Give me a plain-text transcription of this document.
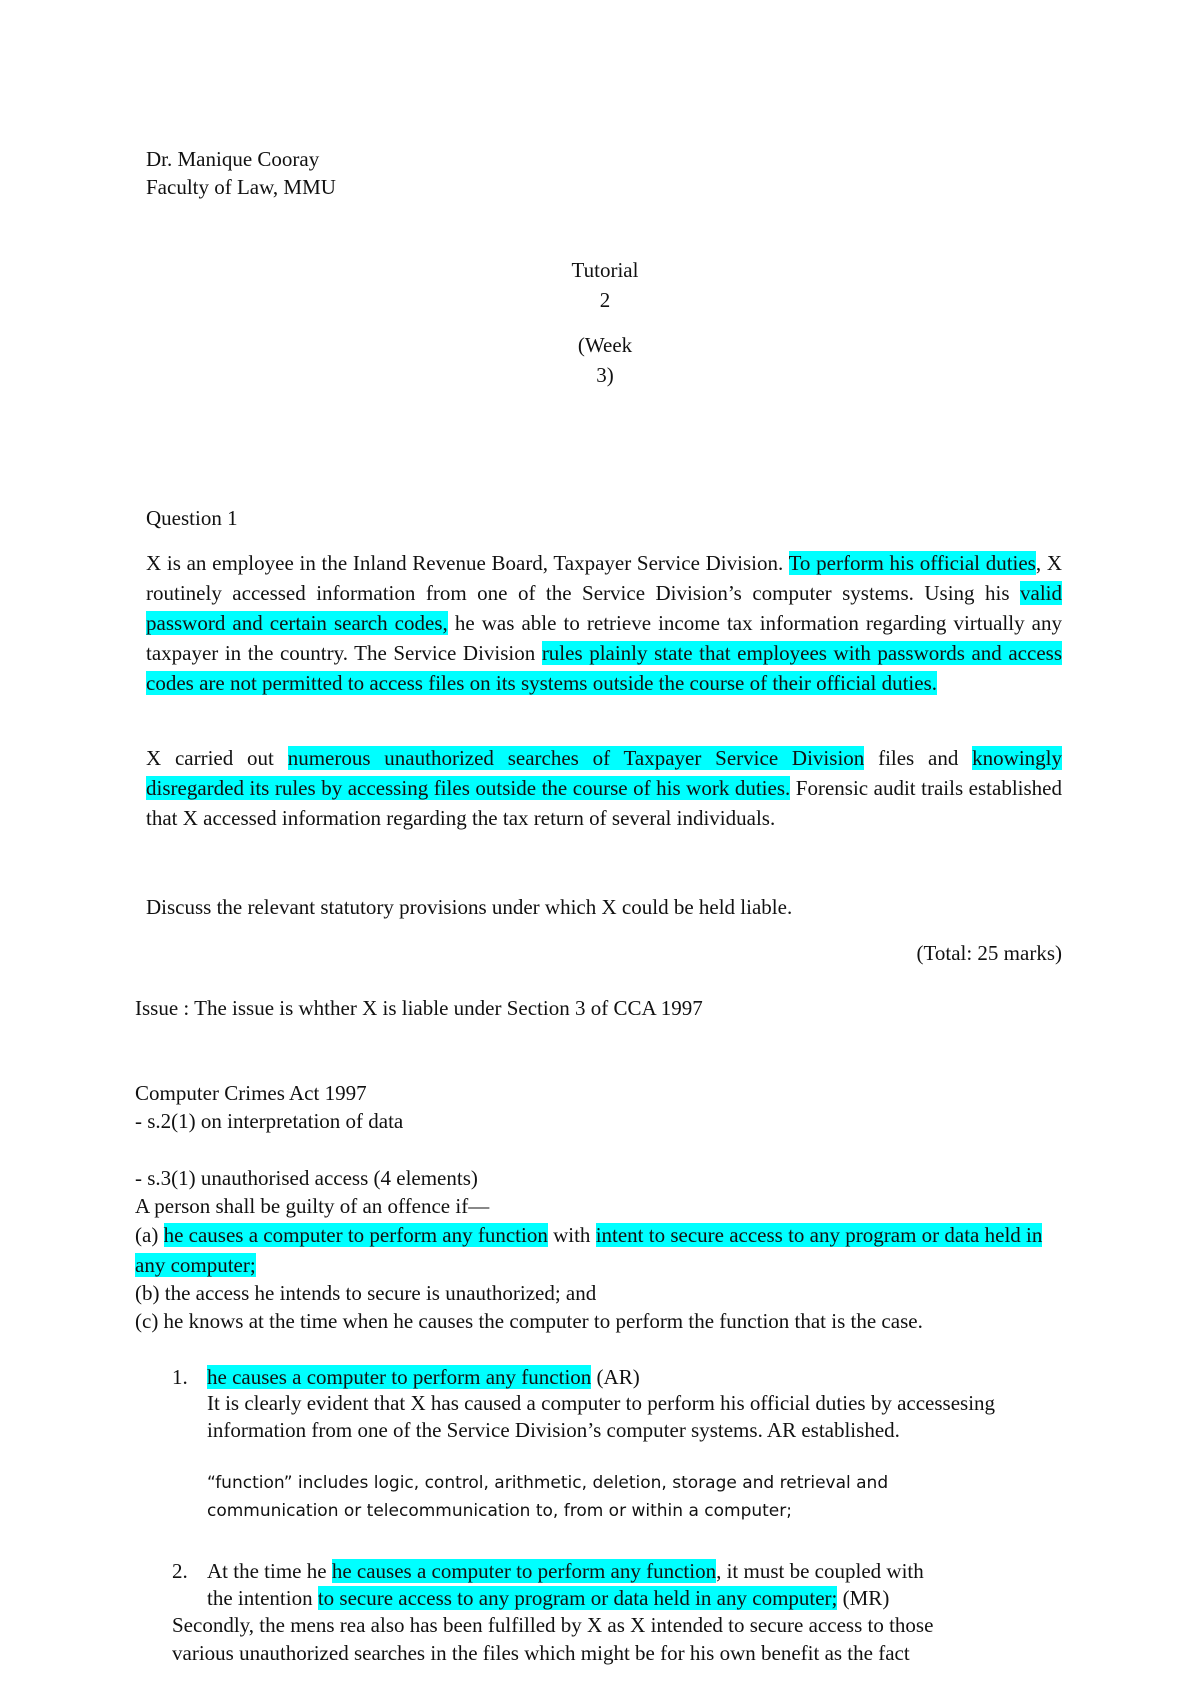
Dr. Manique Cooray

Faculty of Law, MMU

Tutorial
2
(Week
3)

Question 1

X is an employee in the Inland Revenue Board, Taxpayer Service Division. To perform his official duties, X routinely accessed information from one of the Service Division’s computer systems. Using his valid password and certain search codes, he was able to retrieve income tax information regarding virtually any taxpayer in the country. The Service Division rules plainly state that employees with passwords and access codes are not permitted to access files on its systems outside the course of their official duties.

X carried out numerous unauthorized searches of Taxpayer Service Division files and knowingly disregarded its rules by accessing files outside the course of his work duties. Forensic audit trails established that X accessed information regarding the tax return of several individuals.

Discuss the relevant statutory provisions under which X could be held liable.

(Total: 25 marks)

Issue : The issue is whther X is liable under Section 3 of CCA 1997

Computer Crimes Act 1997

- s.2(1) on interpretation of data

- s.3(1) unauthorised access (4 elements)

A person shall be guilty of an offence if—

(a) he causes a computer to perform any function with intent to secure access to any program or data held in any computer;

(b) the access he intends to secure is unauthorized; and

(c) he knows at the time when he causes the computer to perform the function that is the case.

1. he causes a computer to perform any function (AR)

It is clearly evident that X has caused a computer to perform his official duties by accessesing information from one of the Service Division’s computer systems. AR established.

“function” includes logic, control, arithmetic, deletion, storage and retrieval and

communication or telecommunication to, from or within a computer;

2. At the time he he causes a computer to perform any function, it must be coupled with

the intention to secure access to any program or data held in any computer; (MR)

Secondly, the mens rea also has been fulfilled by X as X intended to secure access to those

various unauthorized searches in the files which might be for his own benefit as the fact
